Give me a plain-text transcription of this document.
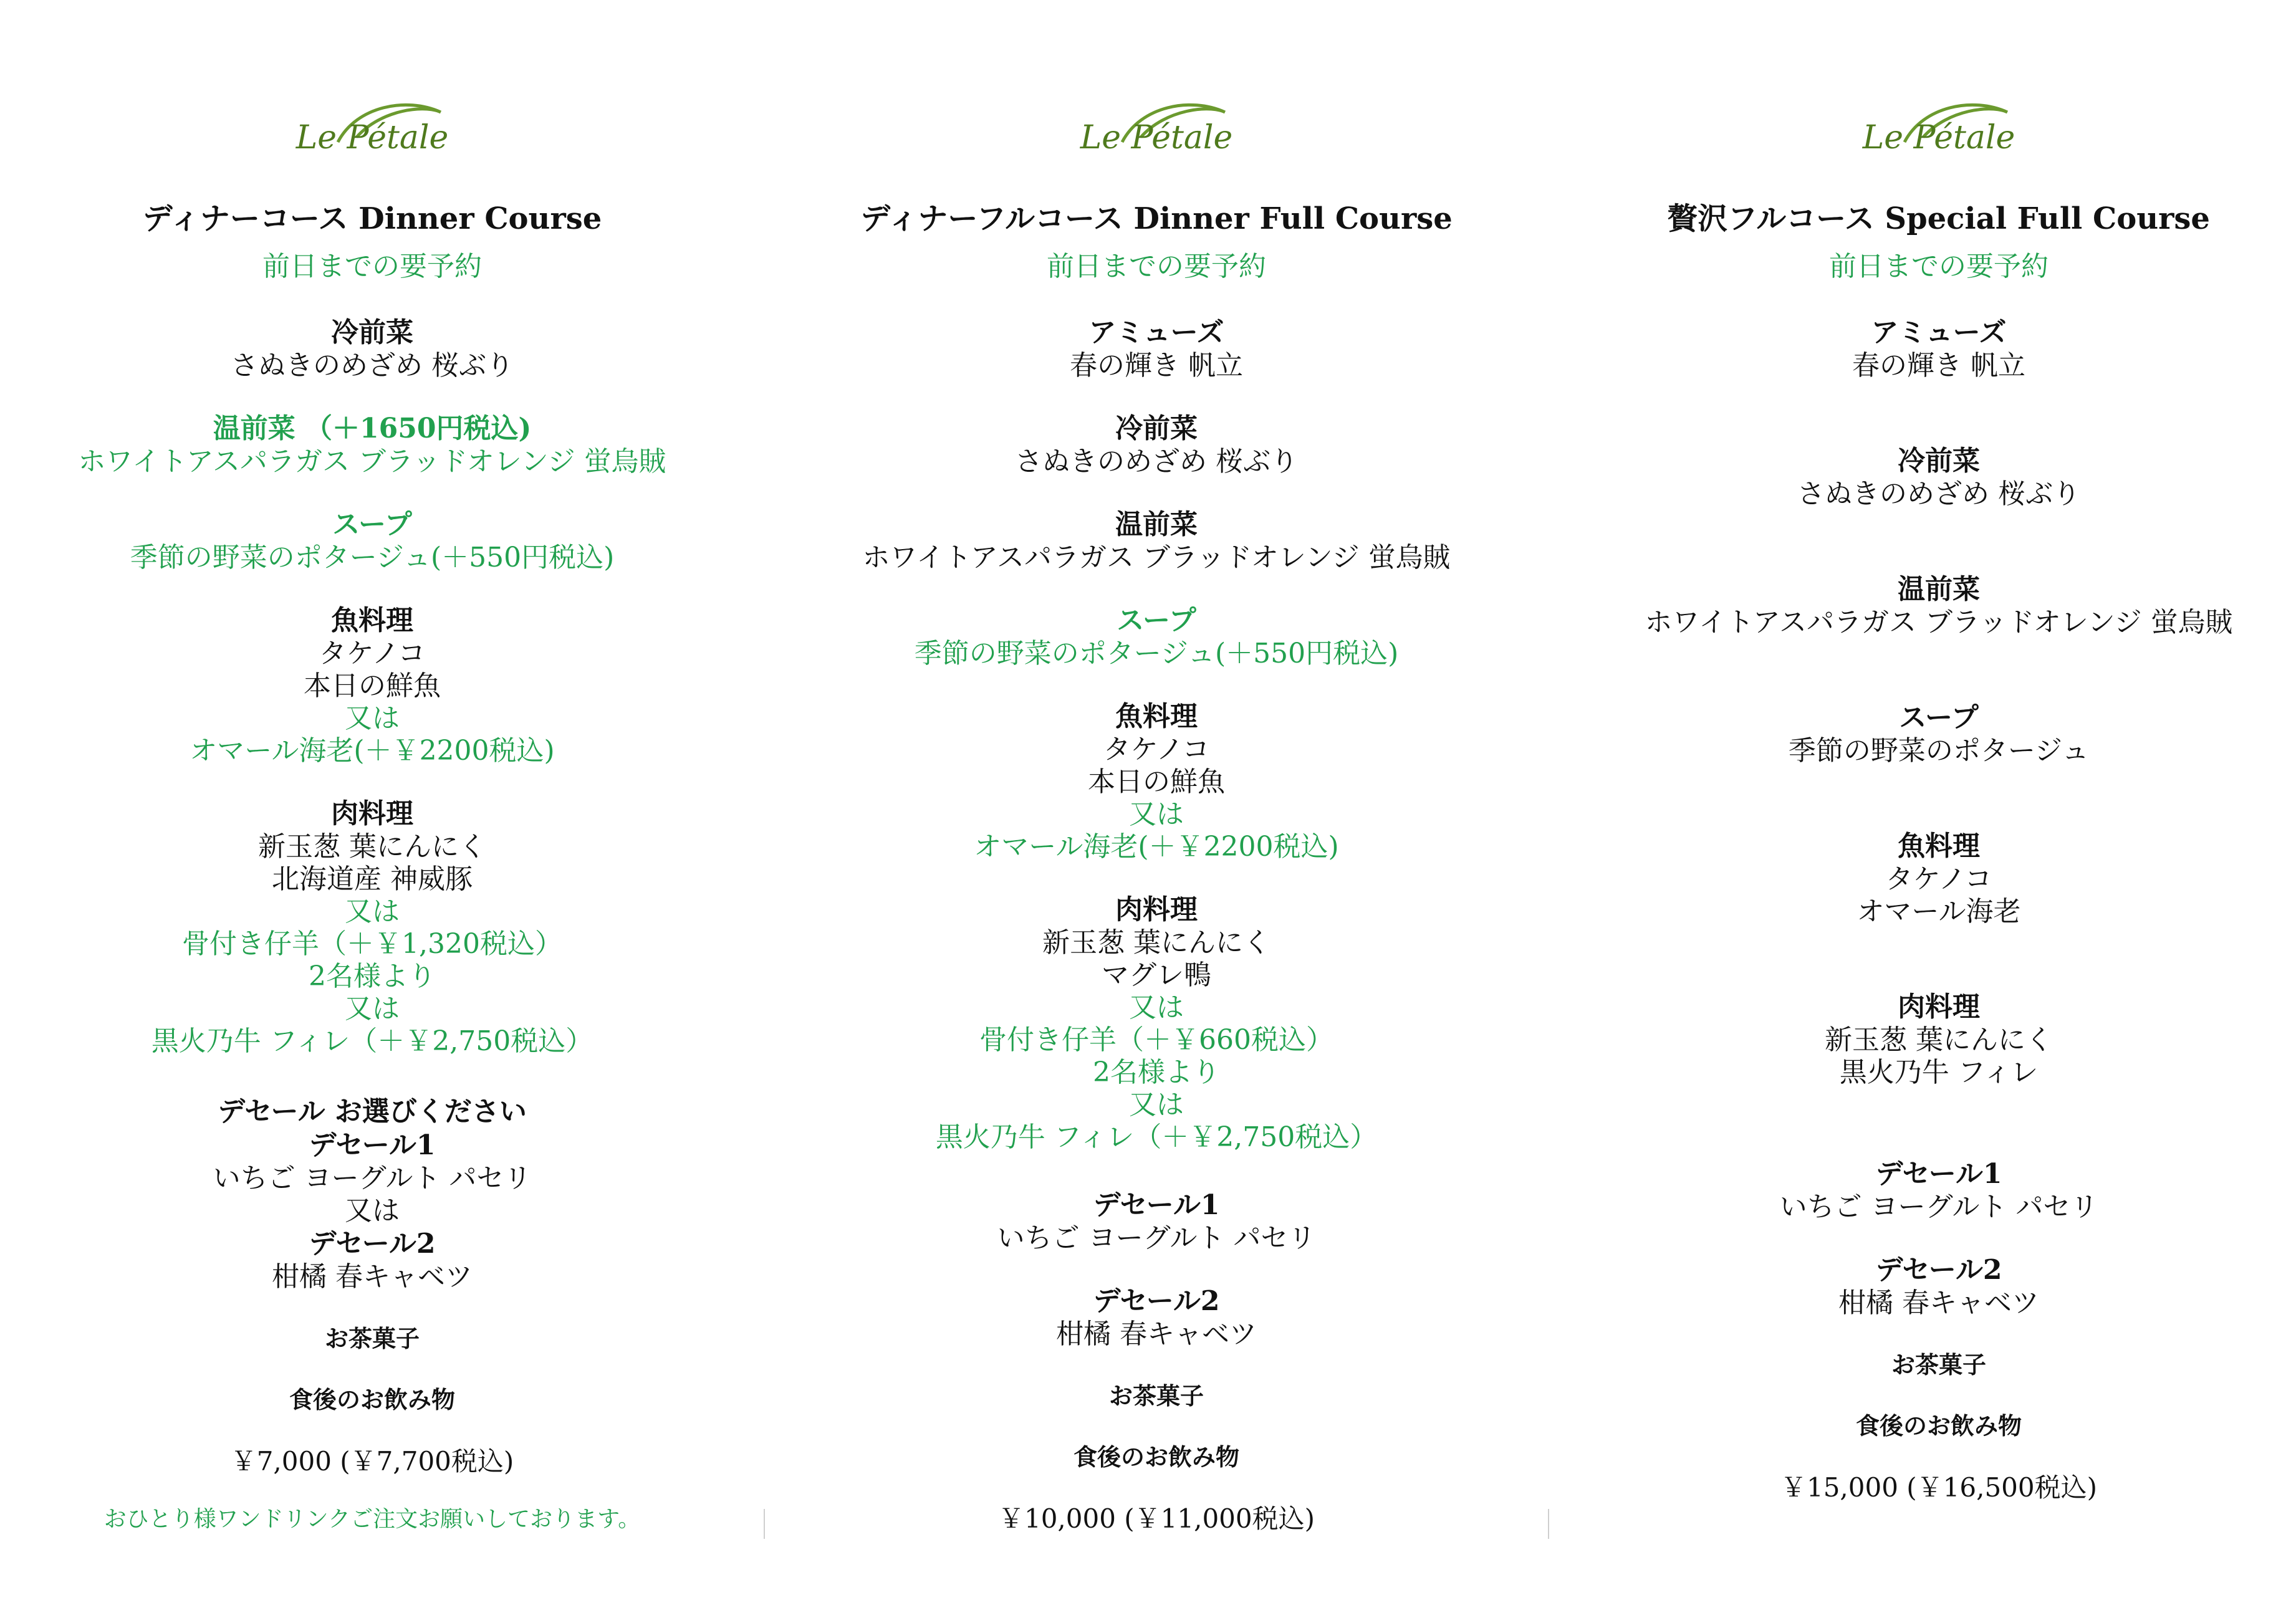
Le Pétale
ディナーコース Dinner Course
前日までの要予約
冷前菜
さぬきのめざめ 桜ぶり
温前菜 （＋1650円税込)
ホワイトアスパラガス ブラッドオレンジ 蛍烏賊
スープ
季節の野菜のポタージュ(＋550円税込)
魚料理
タケノコ
本日の鮮魚
又は
オマール海老(＋￥2200税込)
肉料理
新玉葱 葉にんにく
北海道産 神威豚
又は
骨付き仔羊（＋￥1,320税込）
2名様より
又は
黒火乃牛 フィレ（＋￥2,750税込）
デセール お選びください
デセール1
いちご ヨーグルト パセリ
又は
デセール2
柑橘 春キャベツ
お茶菓子
食後のお飲み物
￥7,000 (￥7,700税込)
おひとり様ワンドリンクご注文お願いしております。
Le Pétale
ディナーフルコース Dinner Full Course
前日までの要予約
アミューズ
春の輝き 帆立
冷前菜
さぬきのめざめ 桜ぶり
温前菜
ホワイトアスパラガス ブラッドオレンジ 蛍烏賊
スープ
季節の野菜のポタージュ(＋550円税込)
魚料理
タケノコ
本日の鮮魚
又は
オマール海老(＋￥2200税込)
肉料理
新玉葱 葉にんにく
マグレ鴨
又は
骨付き仔羊（＋￥660税込）
2名様より
又は
黒火乃牛 フィレ（＋￥2,750税込）
デセール1
いちご ヨーグルト パセリ
デセール2
柑橘 春キャベツ
お茶菓子
食後のお飲み物
￥10,000 (￥11,000税込)
Le Pétale
贅沢フルコース Special Full Course
前日までの要予約
アミューズ
春の輝き 帆立
冷前菜
さぬきのめざめ 桜ぶり
温前菜
ホワイトアスパラガス ブラッドオレンジ 蛍烏賊
スープ
季節の野菜のポタージュ
魚料理
タケノコ
オマール海老
肉料理
新玉葱 葉にんにく
黒火乃牛 フィレ
デセール1
いちご ヨーグルト パセリ
デセール2
柑橘 春キャベツ
お茶菓子
食後のお飲み物
￥15,000 (￥16,500税込)
